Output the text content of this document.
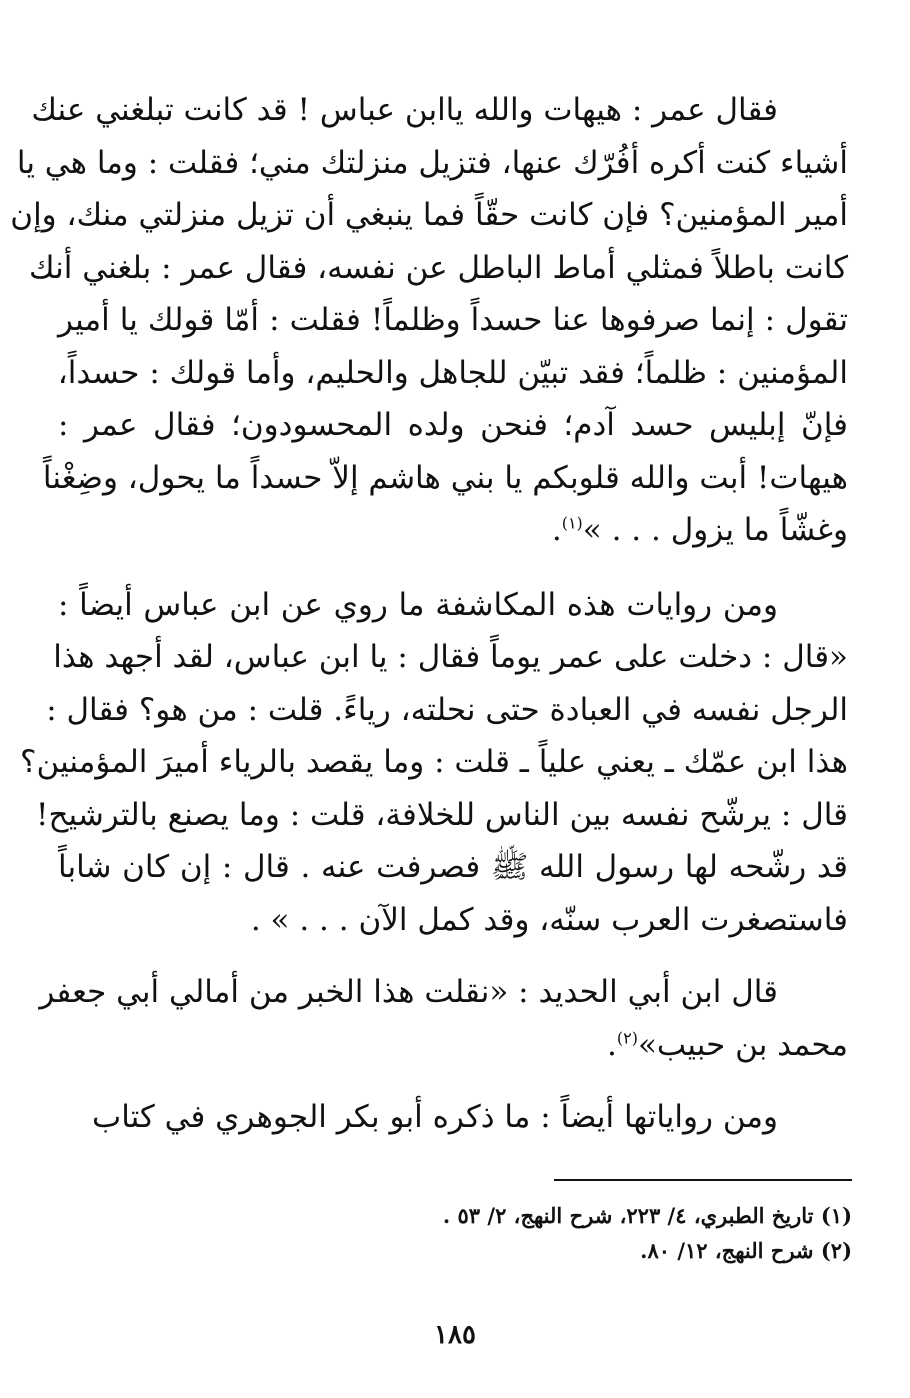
فقال عمر : هيهات والله ياابن عباس ! قد كانت تبلغني عنك
أشياء كنت أكره أفُرّك عنها، فتزيل منزلتك مني؛ فقلت : وما هي يا
أمير المؤمنين؟ فإن كانت حقّاً فما ينبغي أن تزيل منزلتي منك، وإن
كانت باطلاً فمثلي أماط الباطل عن نفسه، فقال عمر : بلغني أنك
تقول : إنما صرفوها عنا حسداً وظلماً! فقلت : أمّا قولك يا أمير
المؤمنين : ظلماً؛ فقد تبيّن للجاهل والحليم، وأما قولك : حسداً،
فإنّ إبليس حسد آدم؛ فنحن ولده المحسودون؛ فقال عمر :
هيهات! أبت والله قلوبكم يا بني هاشم إلاّ حسداً ما يحول، وضِغْناً
وغشّاً ما يزول . . . »$^{(١)}$.

ومن روايات هذه المكاشفة ما روي عن ابن عباس أيضاً :
«قال : دخلت على عمر يوماً فقال : يا ابن عباس، لقد أجهد هذا
الرجل نفسه في العبادة حتى نحلته، رياءً. قلت : من هو؟ فقال :
هذا ابن عمّك ـ يعني علياً ـ قلت : وما يقصد بالرياء أميرَ المؤمنين؟
قال : يرشّح نفسه بين الناس للخلافة، قلت : وما يصنع بالترشيح!
قد رشّحه لها رسول الله ﷺ فصرفت عنه . قال : إن كان شاباً
فاستصغرت العرب سنّه، وقد كمل الآن . . . » .

قال ابن أبي الحديد : «نقلت هذا الخبر من أمالي أبي جعفر
محمد بن حبيب»$^{(٢)}$.

ومن رواياتها أيضاً : ما ذكره أبو بكر الجوهري في كتاب

(١) تاريخ الطبري، ٤/ ٢٢٣، شرح النهج، ٢/ ٥٣ .
(٢) شرح النهج، ١٢/ ٨٠.
١٨٥
